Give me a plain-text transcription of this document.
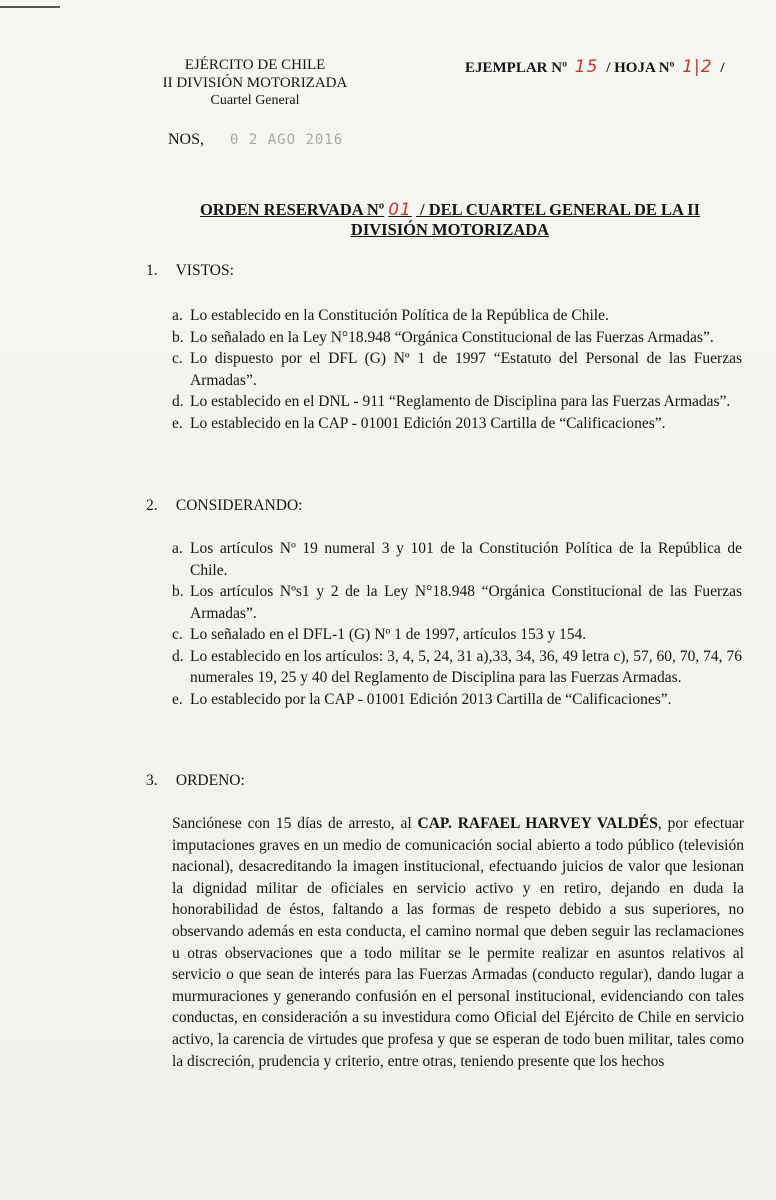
EJÉRCITO DE CHILE
II DIVISIÓN MOTORIZADA
Cuartel General
EJEMPLAR Nº 15 / HOJA Nº 1|2 /
NOS, 0 2 AGO 2016
ORDEN RESERVADA Nº 01 / DEL CUARTEL GENERAL DE LA II DIVISIÓN MOTORIZADA
1. VISTOS:
a. Lo establecido en la Constitución Política de la República de Chile.
b. Lo señalado en la Ley N°18.948 “Orgánica Constitucional de las Fuerzas Armadas”.
c. Lo dispuesto por el DFL (G) Nº 1 de 1997 “Estatuto del Personal de las Fuerzas Armadas”.
d. Lo establecido en el DNL - 911 “Reglamento de Disciplina para las Fuerzas Armadas”.
e. Lo establecido en la CAP - 01001 Edición 2013 Cartilla de “Calificaciones”.
2. CONSIDERANDO:
a. Los artículos Nº 19 numeral 3 y 101 de la Constitución Política de la República de Chile.
b. Los artículos Nºs1 y 2 de la Ley N°18.948 “Orgánica Constitucional de las Fuerzas Armadas”.
c. Lo señalado en el DFL-1 (G) Nº 1 de 1997, artículos 153 y 154.
d. Lo establecido en los artículos: 3, 4, 5, 24, 31 a),33, 34, 36, 49 letra c), 57, 60, 70, 74, 76 numerales 19, 25 y 40 del Reglamento de Disciplina para las Fuerzas Armadas.
e. Lo establecido por la CAP - 01001 Edición 2013 Cartilla de “Calificaciones”.
3. ORDENO:
Sanciónese con 15 días de arresto, al CAP. RAFAEL HARVEY VALDÉS, por efectuar imputaciones graves en un medio de comunicación social abierto a todo público (televisión nacional), desacreditando la imagen institucional, efectuando juicios de valor que lesionan la dignidad militar de oficiales en servicio activo y en retiro, dejando en duda la honorabilidad de éstos, faltando a las formas de respeto debido a sus superiores, no observando además en esta conducta, el camino normal que deben seguir las reclamaciones u otras observaciones que a todo militar se le permite realizar en asuntos relativos al servicio o que sean de interés para las Fuerzas Armadas (conducto regular), dando lugar a murmuraciones y generando confusión en el personal institucional, evidenciando con tales conductas, en consideración a su investidura como Oficial del Ejército de Chile en servicio activo, la carencia de virtudes que profesa y que se esperan de todo buen militar, tales como la discreción, prudencia y criterio, entre otras, teniendo presente que los hechos
